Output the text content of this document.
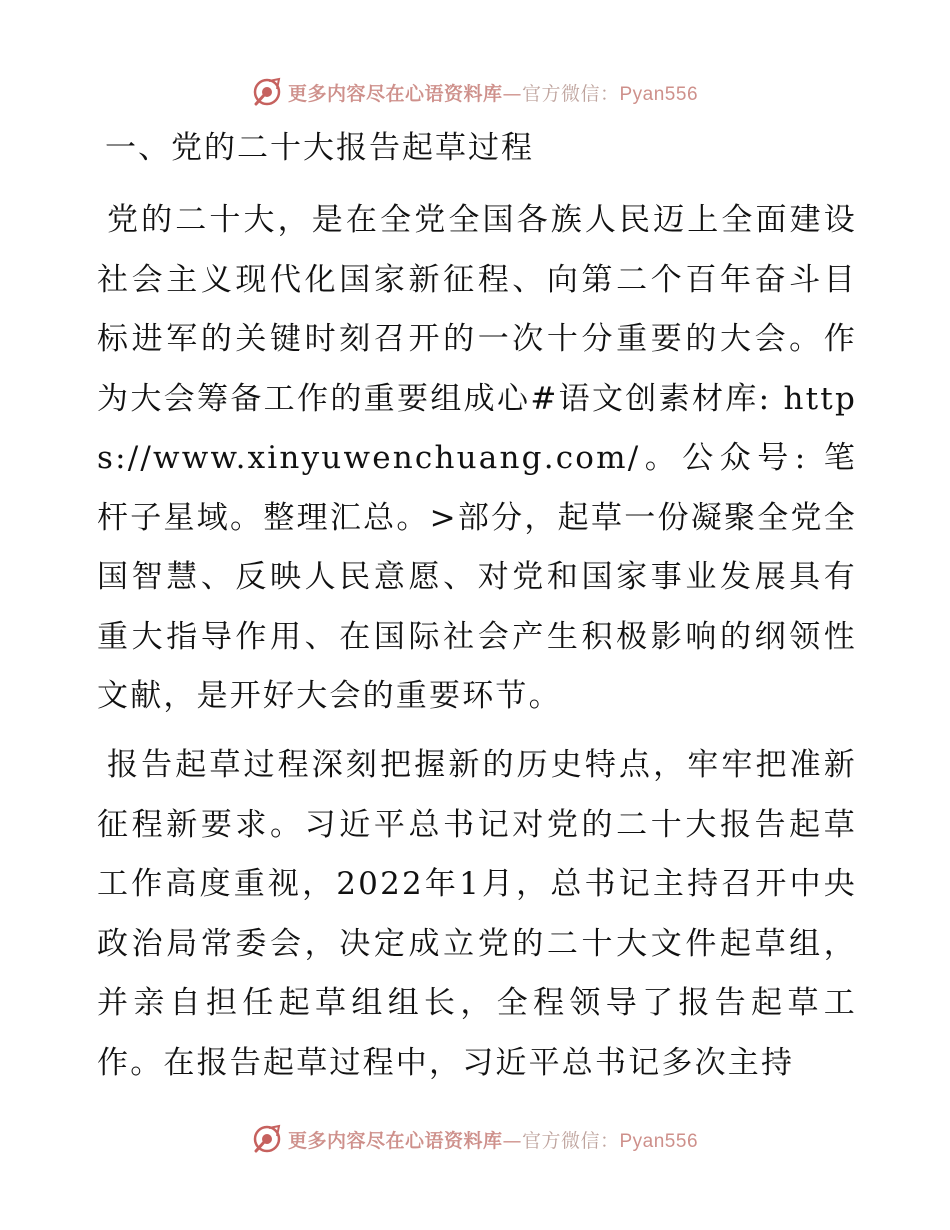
更多内容尽在心语资料库—官方微信：Pyan556
一、党的二十大报告起草过程

党的二十大，是在全党全国各族人民迈上全面建设社会主义现代化国家新征程、向第二个百年奋斗目标进军的关键时刻召开的一次十分重要的大会。作为大会筹备工作的重要组成心#语文创素材库: https://www.xinyuwenchuang.com/。公众号: 笔杆子星域。整理汇总。>部分，起草一份凝聚全党全国智慧、反映人民意愿、对党和国家事业发展具有重大指导作用、在国际社会产生积极影响的纲领性文献，是开好大会的重要环节。

报告起草过程深刻把握新的历史特点，牢牢把准新征程新要求。习近平总书记对党的二十大报告起草工作高度重视，2022年1月，总书记主持召开中央政治局常委会，决定成立党的二十大文件起草组，并亲自担任起草组组长，全程领导了报告起草工作。在报告起草过程中，习近平总书记多次主持

更多内容尽在心语资料库—官方微信：Pyan556
